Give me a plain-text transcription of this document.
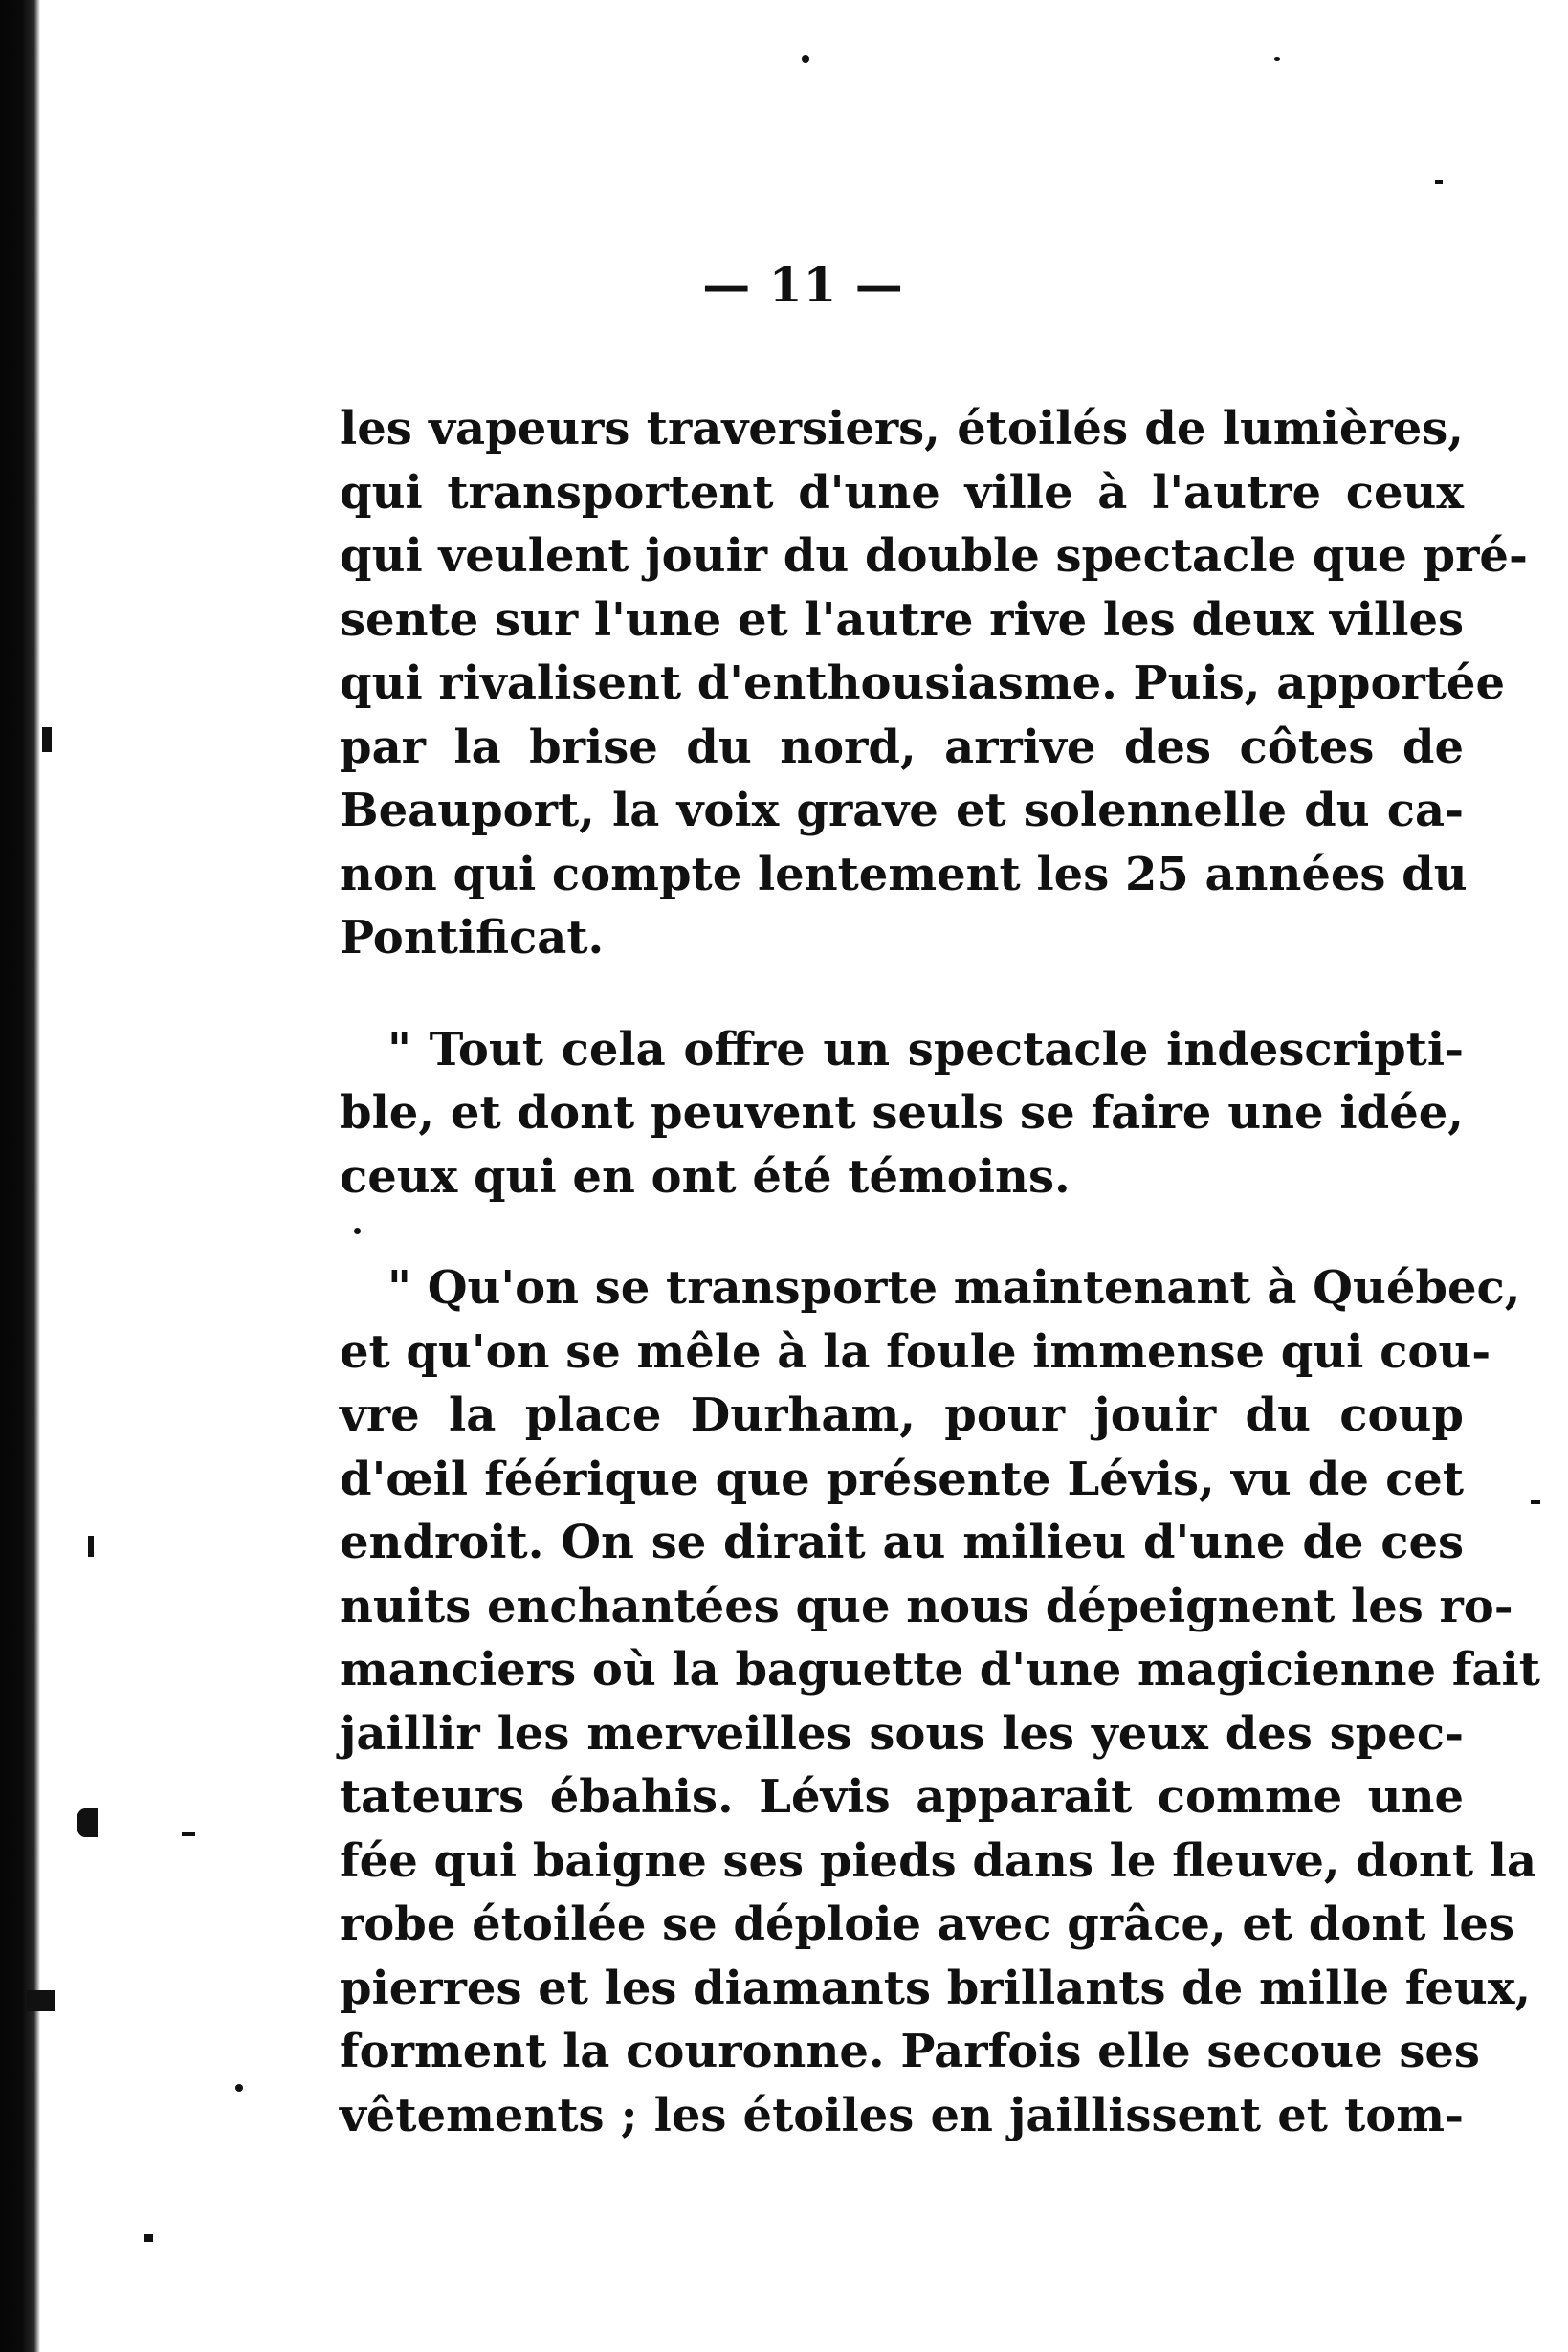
— 11 —
les vapeurs traversiers, étoilés de lumières,
qui transportent d'une ville à l'autre ceux
qui veulent jouir du double spectacle que pré-
sente sur l'une et l'autre rive les deux villes
qui rivalisent d'enthousiasme. Puis, apportée
par la brise du nord, arrive des côtes de
Beauport, la voix grave et solennelle du ca-
non qui compte lentement les 25 années du
Pontificat.
" Tout cela offre un spectacle indescripti-
ble, et dont peuvent seuls se faire une idée,
ceux qui en ont été témoins.
" Qu'on se transporte maintenant à Québec,
et qu'on se mêle à la foule immense qui cou-
vre la place Durham, pour jouir du coup
d'œil féérique que présente Lévis, vu de cet
endroit. On se dirait au milieu d'une de ces
nuits enchantées que nous dépeignent les ro-
manciers où la baguette d'une magicienne fait
jaillir les merveilles sous les yeux des spec-
tateurs ébahis. Lévis apparait comme une
fée qui baigne ses pieds dans le fleuve, dont la
robe étoilée se déploie avec grâce, et dont les
pierres et les diamants brillants de mille feux,
forment la couronne. Parfois elle secoue ses
vêtements ; les étoiles en jaillissent et tom-
